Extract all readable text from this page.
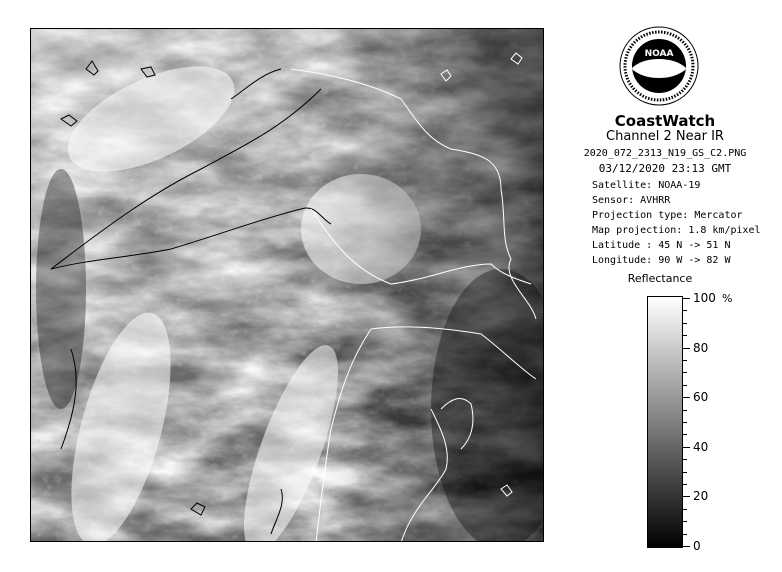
NOAA
CoastWatch
Channel 2 Near IR
2020_072_2313_N19_GS_C2.PNG
03/12/2020 23:13 GMT
Satellite: NOAA-19
Sensor: AVHRR
Projection type: Mercator
Map projection: 1.8 km/pixel
Latitude : 45 N -> 51 N
Longitude: 90 W -> 82 W
Reflectance
%
100
80
60
40
20
0
